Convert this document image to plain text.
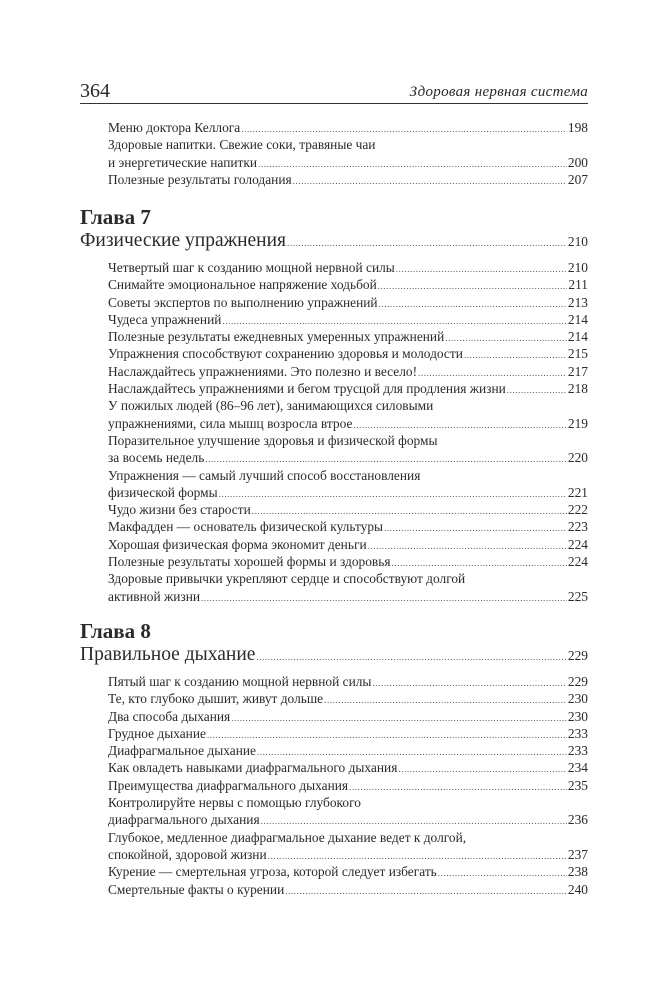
364	Здоровая нервная система
Меню доктора Келлога .....	198
Здоровые напитки. Свежие соки, травяные чаи
и энергетические напитки .....	200
Полезные результаты голодания .....	207
Глава 7
Физические упражнения .....	210
Четвертый шаг к созданию мощной нервной силы .....	210
Снимайте эмоциональное напряжение ходьбой .....	211
Советы экспертов по выполнению упражнений .....	213
Чудеса упражнений .....	214
Полезные результаты ежедневных умеренных упражнений .....	214
Упражнения способствуют сохранению здоровья и молодости .....	215
Наслаждайтесь упражнениями. Это полезно и весело! .....	217
Наслаждайтесь упражнениями и бегом трусцой для продления жизни .....	218
У пожилых людей (86–96 лет), занимающихся силовыми
упражнениями, сила мышц возросла втрое .....	219
Поразительное улучшение здоровья и физической формы
за восемь недель .....	220
Упражнения — самый лучший способ восстановления
физической формы .....	221
Чудо жизни без старости .....	222
Макфадден — основатель физической культуры .....	223
Хорошая физическая форма экономит деньги .....	224
Полезные результаты хорошей формы и здоровья .....	224
Здоровые привычки укрепляют сердце и способствуют долгой
активной жизни .....	225
Глава 8
Правильное дыхание .....	229
Пятый шаг к созданию мощной нервной силы .....	229
Те, кто глубоко дышит, живут дольше .....	230
Два способа дыхания .....	230
Грудное дыхание .....	233
Диафрагмальное дыхание .....	233
Как овладеть навыками диафрагмального дыхания .....	234
Преимущества диафрагмального дыхания .....	235
Контролируйте нервы с помощью глубокого
диафрагмального дыхания .....	236
Глубокое, медленное диафрагмальное дыхание ведет к долгой,
спокойной, здоровой жизни .....	237
Курение — смертельная угроза, которой следует избегать .....	238
Смертельные факты о курении .....	240
